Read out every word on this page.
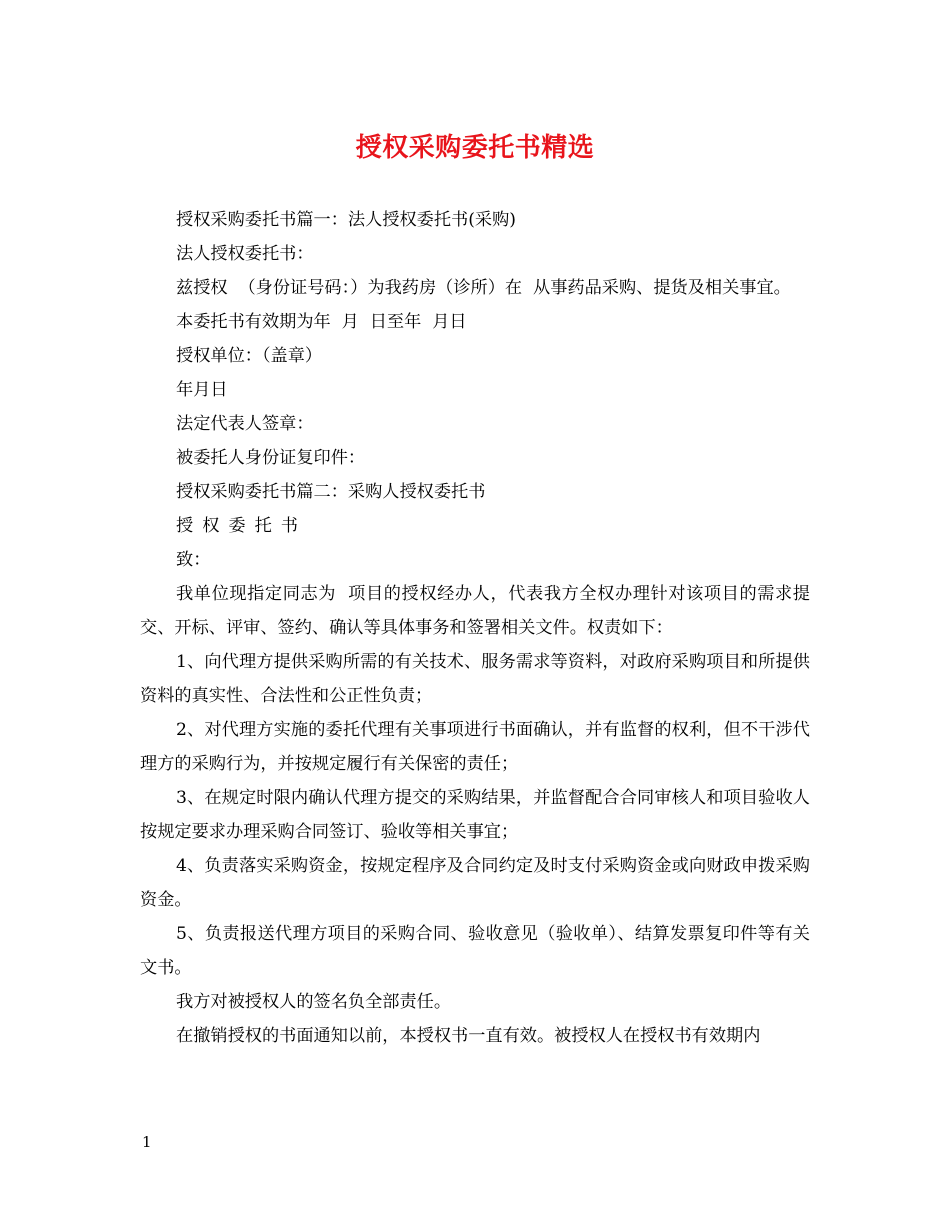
授权采购委托书精选

授权采购委托书篇一：法人授权委托书(采购)

法人授权委托书：

兹授权  （身份证号码：）为我药房（诊所）在  从事药品采购、提货及相关事宜。

本委托书有效期为年  月  日至年  月日

授权单位：（盖章）

年月日

法定代表人签章：

被委托人身份证复印件：

授权采购委托书篇二：采购人授权委托书

授权委托书

致：

我单位现指定同志为  项目的授权经办人，代表我方全权办理针对该项目的需求提交、开标、评审、签约、确认等具体事务和签署相关文件。权责如下：

1、向代理方提供采购所需的有关技术、服务需求等资料，对政府采购项目和所提供资料的真实性、合法性和公正性负责；

2、对代理方实施的委托代理有关事项进行书面确认，并有监督的权利，但不干涉代理方的采购行为，并按规定履行有关保密的责任；

3、在规定时限内确认代理方提交的采购结果，并监督配合合同审核人和项目验收人按规定要求办理采购合同签订、验收等相关事宜；

4、负责落实采购资金，按规定程序及合同约定及时支付采购资金或向财政申拨采购资金。

5、负责报送代理方项目的采购合同、验收意见（验收单）、结算发票复印件等有关文书。

我方对被授权人的签名负全部责任。

在撤销授权的书面通知以前，本授权书一直有效。被授权人在授权书有效期内

1
